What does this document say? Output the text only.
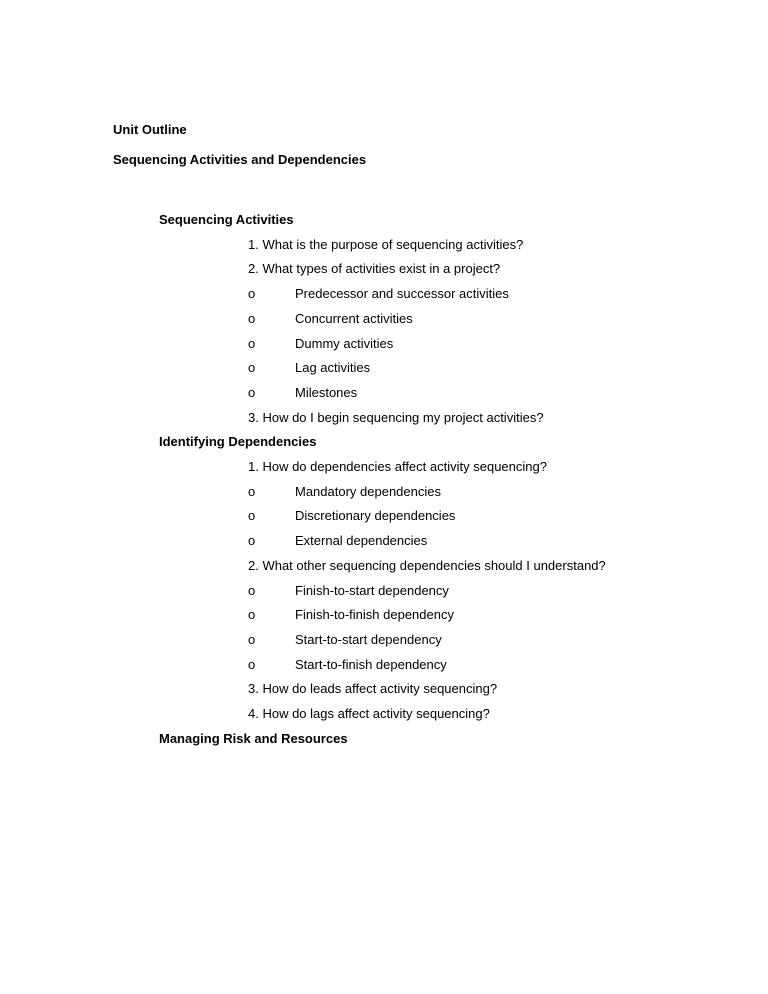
Unit Outline
Sequencing Activities and Dependencies
Sequencing Activities
1. What is the purpose of sequencing activities?
2. What types of activities exist in a project?
o	Predecessor and successor activities
o	Concurrent activities
o	Dummy activities
o	Lag activities
o	Milestones
3. How do I begin sequencing my project activities?
Identifying Dependencies
1. How do dependencies affect activity sequencing?
o	Mandatory dependencies
o	Discretionary dependencies
o	External dependencies
2. What other sequencing dependencies should I understand?
o	Finish-to-start dependency
o	Finish-to-finish dependency
o	Start-to-start dependency
o	Start-to-finish dependency
3. How do leads affect activity sequencing?
4. How do lags affect activity sequencing?
Managing Risk and Resources
